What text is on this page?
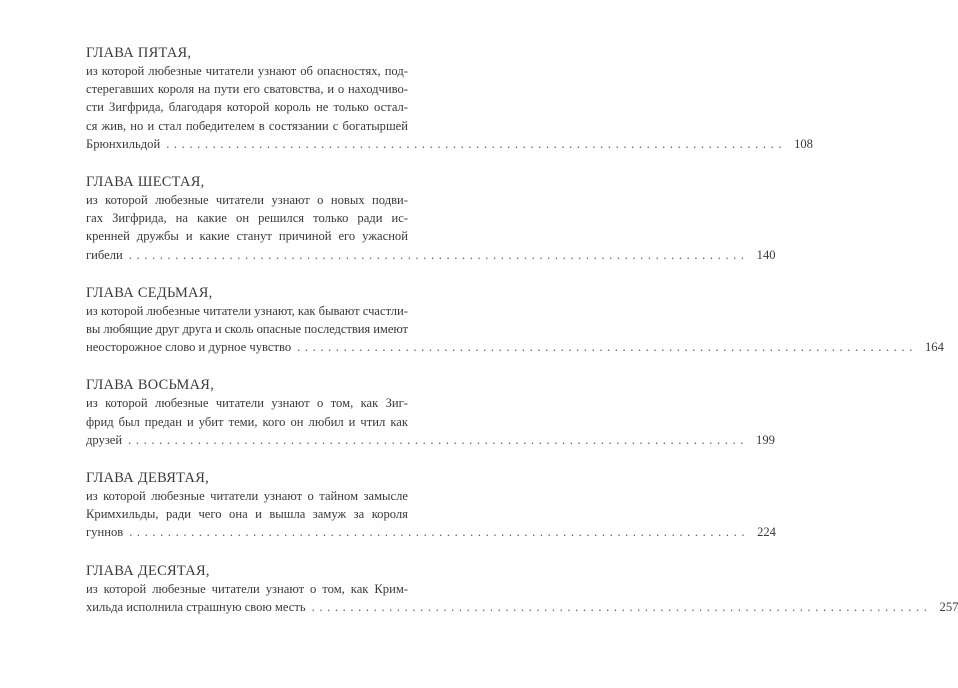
ГЛАВА ПЯТАЯ,

из которой любезные читатели узнают об опасностях, под-
стерегавших короля на пути его сватовства, и о находчиво-
сти Зигфрида, благодаря которой король не только остал-
ся жив, но и стал победителем в состязании с богатыршей
Брюнхильдой ................................................................................ 108

ГЛАВА ШЕСТАЯ,

из которой любезные читатели узнают о новых подви-
гах Зигфрида, на какие он решился только ради ис-
кренней дружбы и какие станут причиной его ужасной
гибели ................................................................................ 140

ГЛАВА СЕДЬМАЯ,

из которой любезные читатели узнают, как бывают счастли-
вы любящие друг друга и сколь опасные последствия имеют
неосторожное слово и дурное чувство ................................................................................ 164

ГЛАВА ВОСЬМАЯ,

из которой любезные читатели узнают о том, как Зиг-
фрид был предан и убит теми, кого он любил и чтил как
друзей ................................................................................ 199

ГЛАВА ДЕВЯТАЯ,

из которой любезные читатели узнают о тайном замысле
Кримхильды, ради чего она и вышла замуж за короля
гуннов ................................................................................ 224

ГЛАВА ДЕСЯТАЯ,

из которой любезные читатели узнают о том, как Крим-
хильда исполнила страшную свою месть ................................................................................ 257
